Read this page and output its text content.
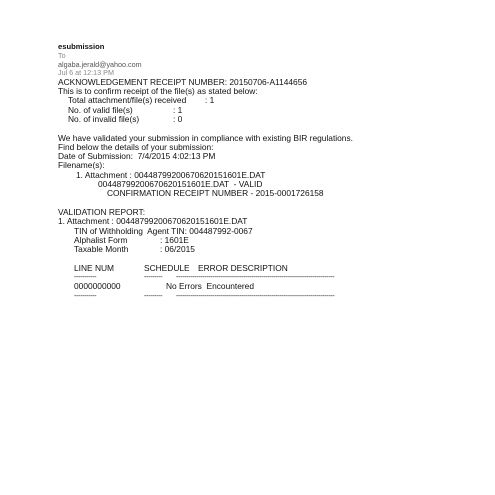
esubmission
To
algaba.jerald@yahoo.com
Jul 6 at 12:13 PM
ACKNOWLEDGEMENT RECEIPT NUMBER: 20150706-A1144656
This is to confirm receipt of the file(s) as stated below:
Total attachment/file(s) received : 1
No. of valid file(s)	: 1
No. of invalid file(s)	: 0
We have validated your submission in compliance with existing BIR regulations.
Find below the details of your submission:
Date of Submission: 7/4/2015 4:02:13 PM
Filename(s):
1. Attachment : 004487992006706201516​01E.DAT
004487992006706201516​01E.DAT  - VALID
CONFIRMATION RECEIPT NUMBER - 2015-0001726158
VALIDATION REPORT:
1. Attachment : 004487992006706201516​01E.DAT
TIN of Withholding  Agent TIN: 004487992-0067
Alphalist Form	: 1601E
Taxable Month	: 06/2015
LINE NUM	SCHEDULE ERROR DESCRIPTION
-----------	---------	------------------------------------------------------------------------------
0000000000	No Errors  Encountered
-----------	---------	------------------------------------------------------------------------------
